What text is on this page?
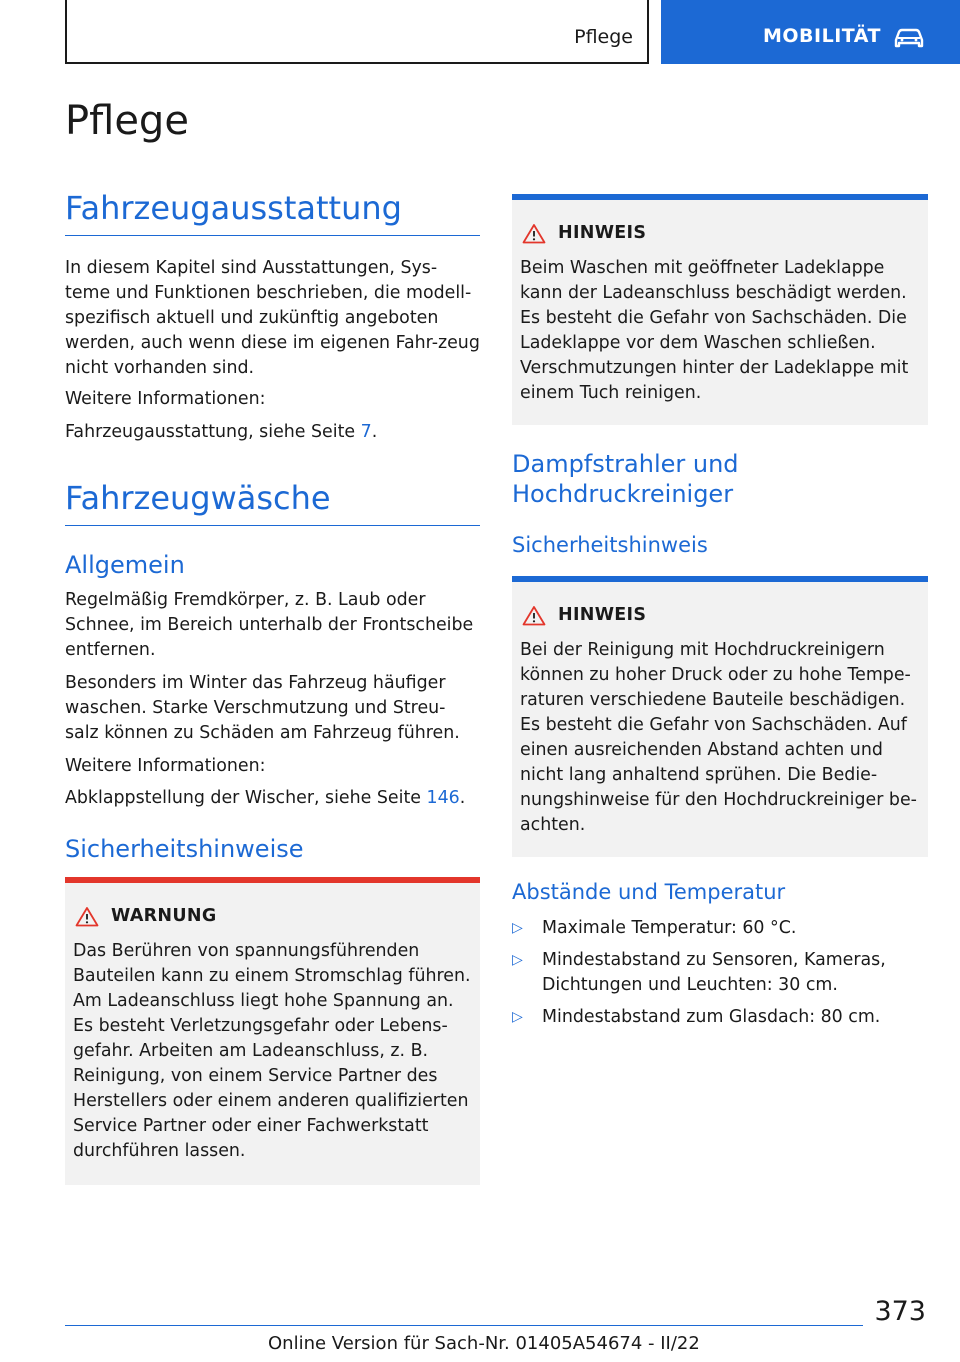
Pflege	MOBILITÄT
Pflege
Fahrzeugausstattung

In diesem Kapitel sind Ausstattungen, Sys-teme und Funktionen beschrieben, die modell-spezifisch aktuell und zukünftig angeboten werden, auch wenn diese im eigenen Fahr-zeug nicht vorhanden sind.

Weitere Informationen:

Fahrzeugausstattung, siehe Seite 7.

Fahrzeugwäsche
Allgemein

Regelmäßig Fremdkörper, z. B. Laub oder Schnee, im Bereich unterhalb der Frontscheibe entfernen.

Besonders im Winter das Fahrzeug häufiger waschen. Starke Verschmutzung und Streu-salz können zu Schäden am Fahrzeug führen.

Weitere Informationen:

Abklappstellung der Wischer, siehe Seite 146.

Sicherheitshinweise
WARNUNG

Das Berühren von spannungsführenden Bauteilen kann zu einem Stromschlag führen. Am Ladeanschluss liegt hohe Spannung an. Es besteht Verletzungsgefahr oder Lebens-gefahr. Arbeiten am Ladeanschluss, z. B. Reinigung, von einem Service Partner des Herstellers oder einem anderen qualifizierten Service Partner oder einer Fachwerkstatt durchführen lassen.

HINWEIS

Beim Waschen mit geöffneter Ladeklappe kann der Ladeanschluss beschädigt werden. Es besteht die Gefahr von Sachschäden. Die Ladeklappe vor dem Waschen schließen. Verschmutzungen hinter der Ladeklappe mit einem Tuch reinigen.

Dampfstrahler und Hochdruckreiniger
Sicherheitshinweis
HINWEIS

Bei der Reinigung mit Hochdruckreinigern können zu hoher Druck oder zu hohe Tempe-raturen verschiedene Bauteile beschädigen. Es besteht die Gefahr von Sachschäden. Auf einen ausreichenden Abstand achten und nicht lang anhaltend sprühen. Die Bedie-nungshinweise für den Hochdruckreiniger be-achten.

Abstände und Temperatur
▷ Maximale Temperatur: 60 °C.
▷ Mindestabstand zu Sensoren, Kameras, Dichtungen und Leuchten: 30 cm.
▷ Mindestabstand zum Glasdach: 80 cm.
373
Online Version für Sach-Nr. 01405A54674 - II/22
